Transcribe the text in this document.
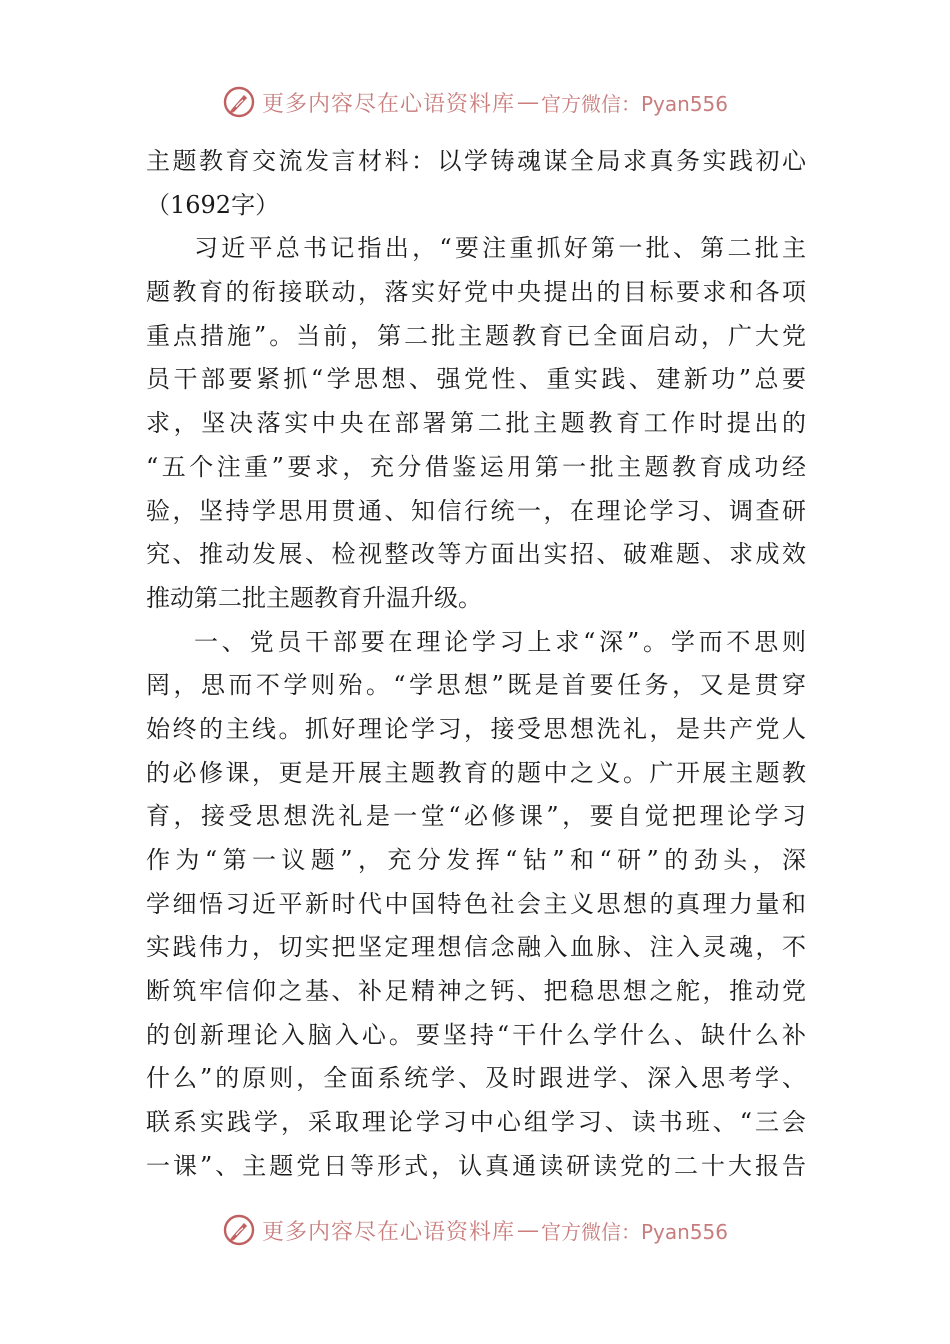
更多内容尽在心语资料库 — 官方微信：Pyan556
主题教育交流发言材料：以学铸魂谋全局求真务实践初心
（1692字）
习近平总书记指出，“要注重抓好第一批、第二批主
题教育的衔接联动，落实好党中央提出的目标要求和各项
重点措施”。当前，第二批主题教育已全面启动，广大党
员干部要紧抓“学思想、强党性、重实践、建新功”总要
求，坚决落实中央在部署第二批主题教育工作时提出的
“五个注重”要求，充分借鉴运用第一批主题教育成功经
验，坚持学思用贯通、知信行统一，在理论学习、调查研
究、推动发展、检视整改等方面出实招、破难题、求成效
推动第二批主题教育升温升级。
一、党员干部要在理论学习上求“深”。学而不思则
罔，思而不学则殆。“学思想”既是首要任务，又是贯穿
始终的主线。抓好理论学习，接受思想洗礼，是共产党人
的必修课，更是开展主题教育的题中之义。广开展主题教
育，接受思想洗礼是一堂“必修课”，要自觉把理论学习
作为“第一议题”，充分发挥“钻”和“研”的劲头，深
学细悟习近平新时代中国特色社会主义思想的真理力量和
实践伟力，切实把坚定理想信念融入血脉、注入灵魂，不
断筑牢信仰之基、补足精神之钙、把稳思想之舵，推动党
的创新理论入脑入心。要坚持“干什么学什么、缺什么补
什么”的原则，全面系统学、及时跟进学、深入思考学、
联系实践学，采取理论学习中心组学习、读书班、“三会
一课”、主题党日等形式，认真通读研读党的二十大报告
更多内容尽在心语资料库 — 官方微信：Pyan556
